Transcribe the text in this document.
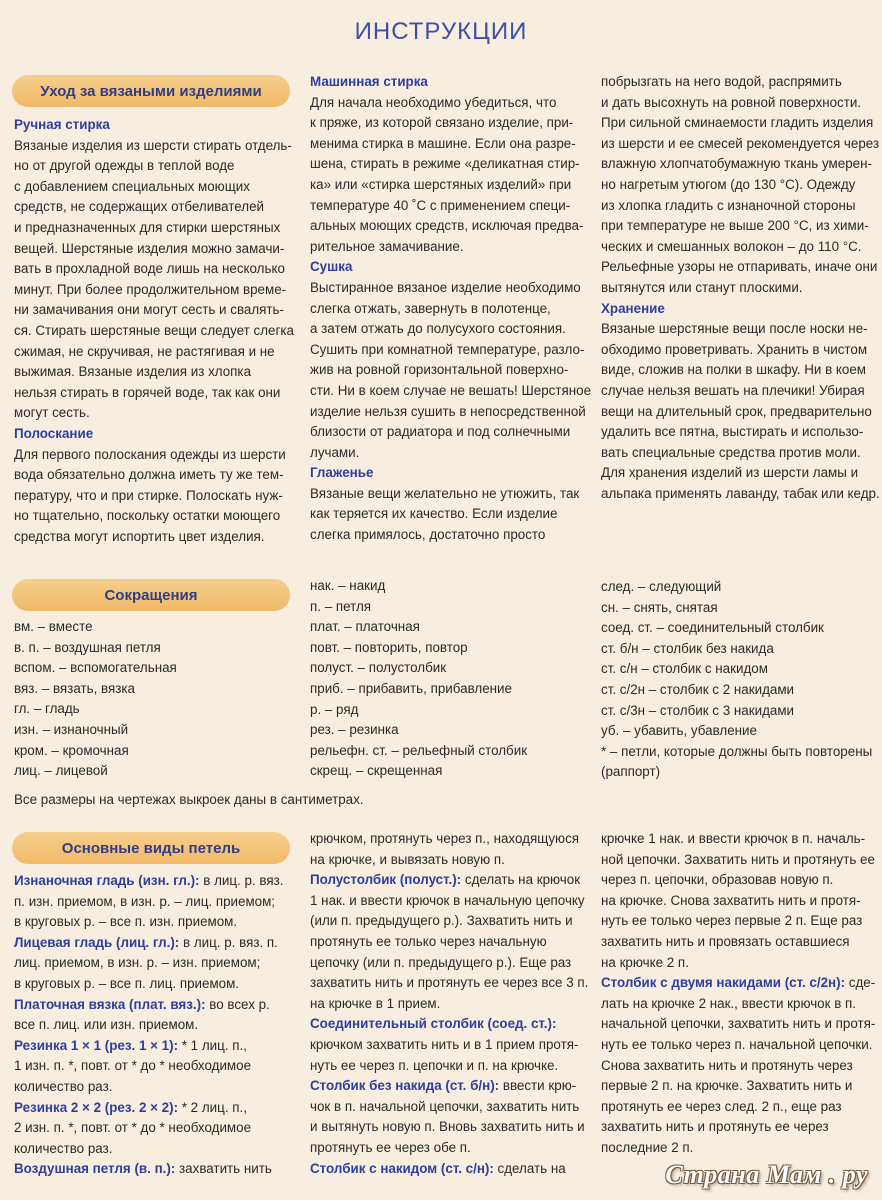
ИНСТРУКЦИИ
Уход за вязаными изделиями

Ручная стирка

Вязаные изделия из шерсти стирать отдель-

но от другой одежды в теплой воде

с добавлением специальных моющих

средств, не содержащих отбеливателей

и предназначенных для стирки шерстяных

вещей. Шерстяные изделия можно замачи-

вать в прохладной воде лишь на несколько

минут. При более продолжительном време-

ни замачивания они могут сесть и свалять-

ся. Стирать шерстяные вещи следует слегка

сжимая, не скручивая, не растягивая и не

выжимая. Вязаные изделия из хлопка

нельзя стирать в горячей воде, так как они

могут сесть.

Полоскание

Для первого полоскания одежды из шерсти

вода обязательно должна иметь ту же тем-

пературу, что и при стирке. Полоскать нуж-

но тщательно, поскольку остатки моющего

средства могут испортить цвет изделия.

Машинная стирка

Для начала необходимо убедиться, что

к пряже, из которой связано изделие, при-

менима стирка в машине. Если она разре-

шена, стирать в режиме «деликатная стир-

ка» или «стирка шерстяных изделий» при

температуре 40 ˚С с применением специ-

альных моющих средств, исключая предва-

рительное замачивание.

Сушка

Выстиранное вязаное изделие необходимо

слегка отжать, завернуть в полотенце,

а затем отжать до полусухого состояния.

Сушить при комнатной температуре, разло-

жив на ровной горизонтальной поверхно-

сти. Ни в коем случае не вешать! Шерстяное

изделие нельзя сушить в непосредственной

близости от радиатора и под солнечными

лучами.

Глаженье

Вязаные вещи желательно не утюжить, так

как теряется их качество. Если изделие

слегка примялось, достаточно просто

побрызгать на него водой, распрямить

и дать высохнуть на ровной поверхности.

При сильной сминаемости гладить изделия

из шерсти и ее смесей рекомендуется через

влажную хлопчатобумажную ткань умерен-

но нагретым утюгом (до 130 °С). Одежду

из хлопка гладить с изнаночной стороны

при температуре не выше 200 °С, из хими-

ческих и смешанных волокон – до 110 °С.

Рельефные узоры не отпаривать, иначе они

вытянутся или станут плоскими.

Хранение

Вязаные шерстяные вещи после носки не-

обходимо проветривать. Хранить в чистом

виде, сложив на полки в шкафу. Ни в коем

случае нельзя вешать на плечики! Убирая

вещи на длительный срок, предварительно

удалить все пятна, выстирать и использо-

вать специальные средства против моли.

Для хранения изделий из шерсти ламы и

альпака применять лаванду, табак или кедр.

Сокращения

вм. – вместе

в. п. – воздушная петля

вспом. – вспомогательная

вяз. – вязать, вязка

гл. – гладь

изн. – изнаночный

кром. – кромочная

лиц. – лицевой

нак. – накид

п. – петля

плат. – платочная

повт. – повторить, повтор

полуст. – полустолбик

приб. – прибавить, прибавление

р. – ряд

рез. – резинка

рельефн. ст. – рельефный столбик

скрещ. – скрещенная

след. – следующий

сн. – снять, снятая

соед. ст. – соединительный столбик

ст. б/н – столбик без накида

ст. с/н – столбик с накидом

ст. с/2н – столбик с 2 накидами

ст. с/3н – столбик с 3 накидами

уб. – убавить, убавление

* – петли, которые должны быть повторены

(раппорт)

Все размеры на чертежах выкроек даны в сантиметрах.
Основные виды петель

Изнаночная гладь (изн. гл.): в лиц. р. вяз.

п. изн. приемом, в изн. р. – лиц. приемом;

в круговых р. – все п. изн. приемом.

Лицевая гладь (лиц. гл.): в лиц. р. вяз. п.

лиц. приемом, в изн. р. – изн. приемом;

в круговых р. – все п. лиц. приемом.

Платочная вязка (плат. вяз.): во всех р.

все п. лиц. или изн. приемом.

Резинка 1 × 1 (рез. 1 × 1): * 1 лиц. п.,

1 изн. п. *, повт. от * до * необходимое

количество раз.

Резинка 2 × 2 (рез. 2 × 2): * 2 лиц. п.,

2 изн. п. *, повт. от * до * необходимое

количество раз.

Воздушная петля (в. п.): захватить нить

крючком, протянуть через п., находящуюся

на крючке, и вывязать новую п.

Полустолбик (полуст.): сделать на крючок

1 нак. и ввести крючок в начальную цепочку

(или п. предыдущего р.). Захватить нить и

протянуть ее только через начальную

цепочку (или п. предыдущего р.). Еще раз

захватить нить и протянуть ее через все 3 п.

на крючке в 1 прием.

Соединительный столбик (соед. ст.):

крючком захватить нить и в 1 прием протя-

нуть ее через п. цепочки и п. на крючке.

Столбик без накида (ст. б/н): ввести крю-

чок в п. начальной цепочки, захватить нить

и вытянуть новую п. Вновь захватить нить и

протянуть ее через обе п.

Столбик с накидом (ст. с/н): сделать на

крючке 1 нак. и ввести крючок в п. началь-

ной цепочки. Захватить нить и протянуть ее

через п. цепочки, образовав новую п.

на крючке. Снова захватить нить и протя-

нуть ее только через первые 2 п. Еще раз

захватить нить и провязать оставшиеся

на крючке 2 п.

Столбик с двумя накидами (ст. с/2н): сде-

лать на крючке 2 нак., ввести крючок в п.

начальной цепочки, захватить нить и протя-

нуть ее только через п. начальной цепочки.

Снова захватить нить и протянуть через

первые 2 п. на крючке. Захватить нить и

протянуть ее через след. 2 п., еще раз

захватить нить и протянуть ее через

последние 2 п.

Страна Мам . ру
